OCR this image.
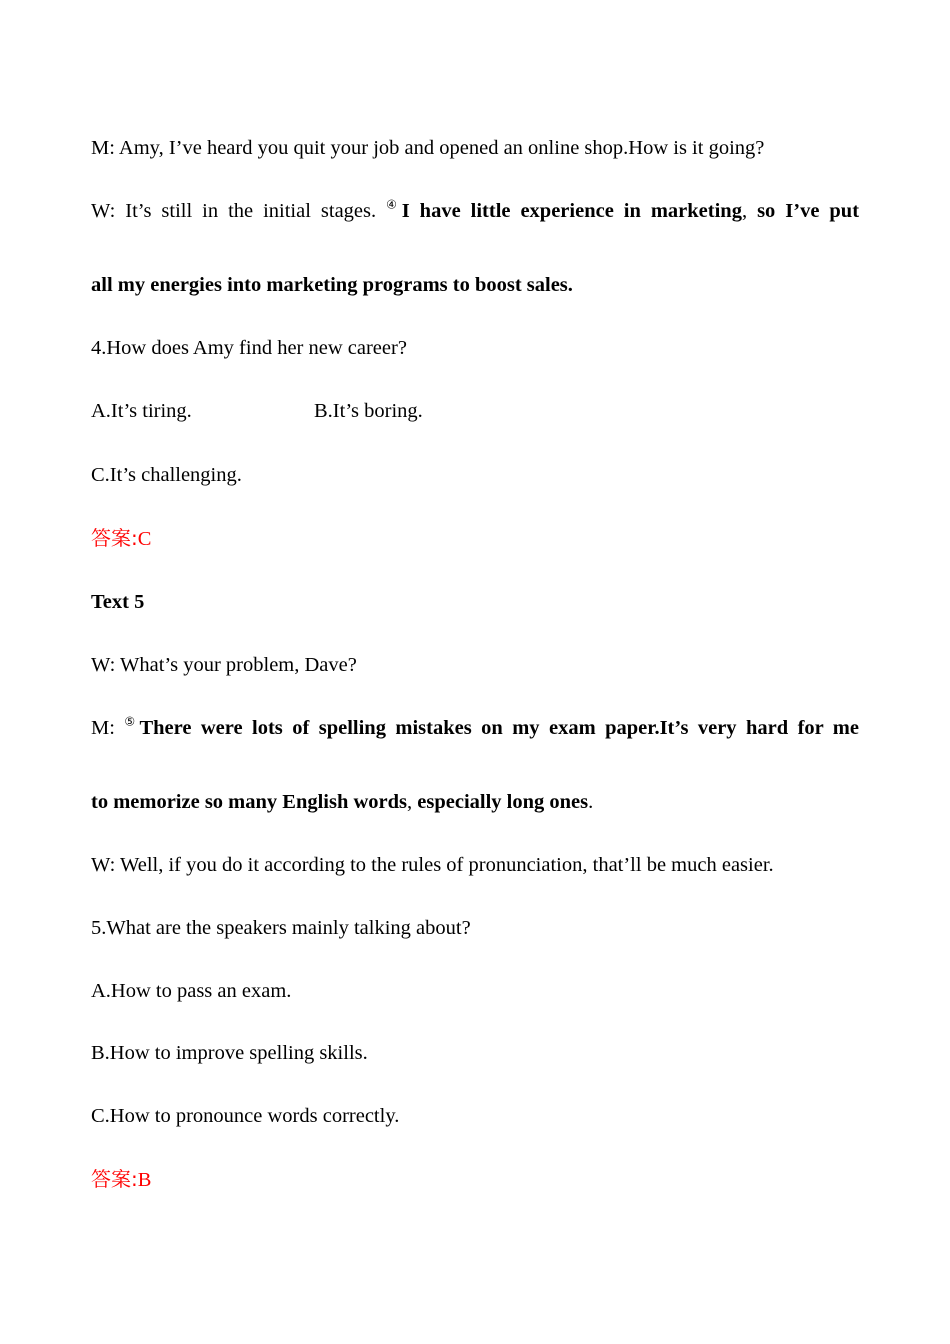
M: Amy, I’ve heard you quit your job and opened an online shop.How is it going?
W: It’s still in the initial stages. ④I have little experience in marketing, so I’ve put
all my energies into marketing programs to boost sales.
4.How does Amy find her new career?
A.It’s tiring.	B.It’s boring.
C.It’s challenging.
答案:C
Text 5
W: What’s your problem, Dave?
M: ⑤There were lots of spelling mistakes on my exam paper.It’s very hard for me
to memorize so many English words, especially long ones.
W: Well, if you do it according to the rules of pronunciation, that’ll be much easier.
5.What are the speakers mainly talking about?
A.How to pass an exam.
B.How to improve spelling skills.
C.How to pronounce words correctly.
答案:B
